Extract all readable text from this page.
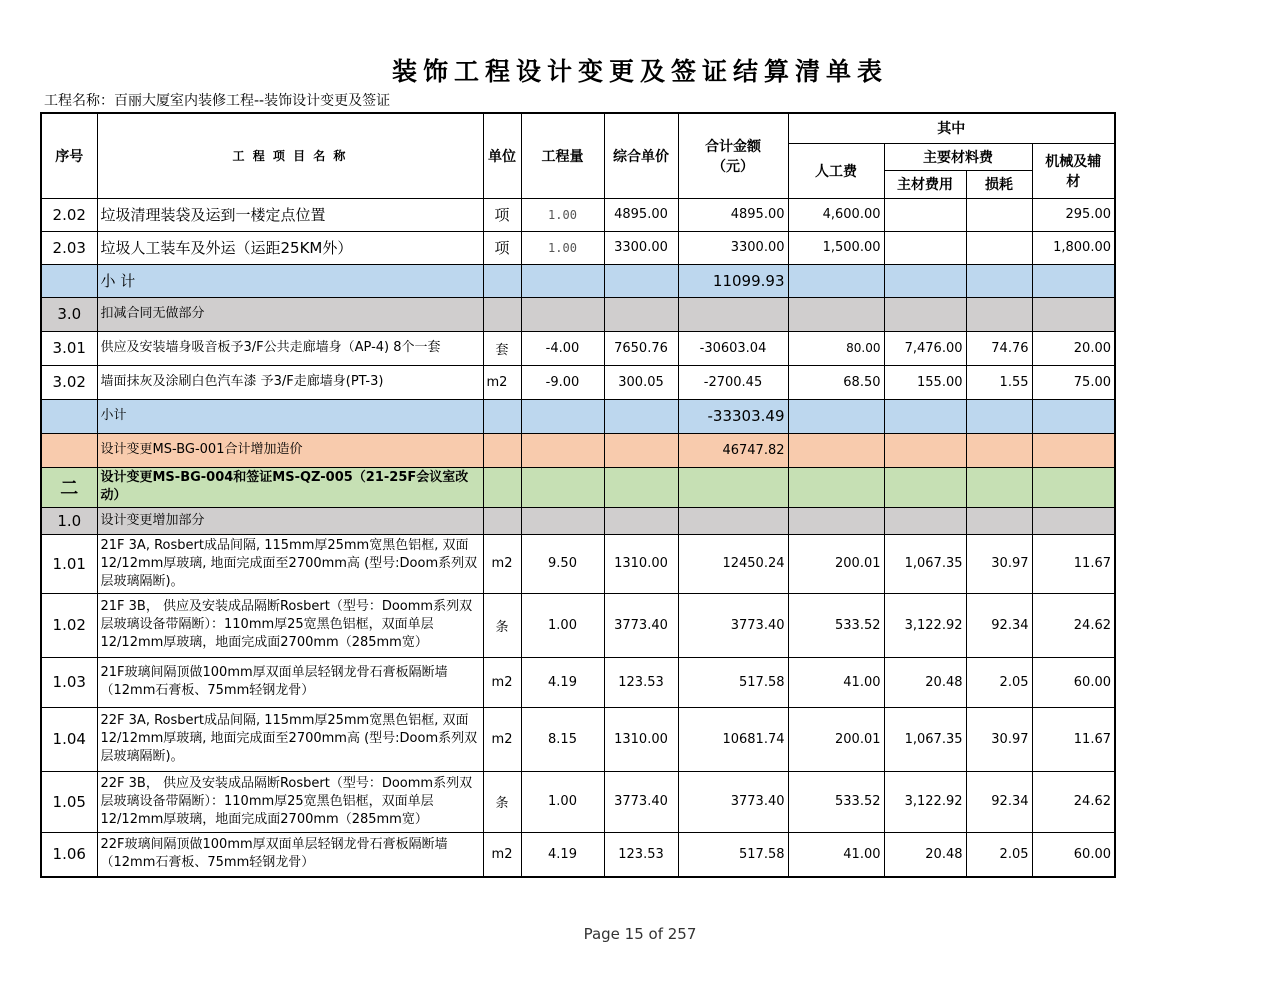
装饰工程设计变更及签证结算清单表
工程名称：百丽大厦室内装修工程--装饰设计变更及签证
序号	工 程 项 目 名 称	单位	工程量	综合单价	合计金额（元）	其中			
						人工费	主要材料费		机械及辅材
							主材费用	损耗	
2.02	垃圾清理装袋及运到一楼定点位置	项	1.00	4895.00	4895.00	4,600.00			295.00
2.03	垃圾人工装车及外运（运距25KM外）	项	1.00	3300.00	3300.00	1,500.00			1,800.00
	小 计				11099.93				
3.0	扣减合同无做部分								
3.01	供应及安装墙身吸音板予3/F公共走廊墙身（AP-4) 8个一套	套	-4.00	7650.76	-30603.04	80.00	7,476.00	74.76	20.00
3.02	墙面抹灰及涂刷白色汽车漆 予3/F走廊墙身(PT-3)	m2	-9.00	300.05	-2700.45	68.50	155.00	1.55	75.00
	小计				-33303.49				
	设计变更MS-BG-001合计增加造价				46747.82				
二	设计变更MS-BG-004和签证MS-QZ-005（21-25F会议室改动）								
1.0	设计变更增加部分								
1.01	21F 3A, Rosbert成品间隔, 115mm厚25mm宽黑色铝框, 双面12/12mm厚玻璃, 地面完成面至2700mm高 (型号:Doom系列双层玻璃隔断)。	m2	9.50	1310.00	12450.24	200.01	1,067.35	30.97	11.67
1.02	21F 3B， 供应及安装成品隔断Rosbert（型号：Doomm系列双层玻璃设备带隔断）：110mm厚25宽黑色铝框，双面单层12/12mm厚玻璃，地面完成面2700mm（285mm宽）	条	1.00	3773.40	3773.40	533.52	3,122.92	92.34	24.62
1.03	21F玻璃间隔顶做100mm厚双面单层轻钢龙骨石膏板隔断墙（12mm石膏板、75mm轻钢龙骨）	m2	4.19	123.53	517.58	41.00	20.48	2.05	60.00
1.04	22F 3A, Rosbert成品间隔, 115mm厚25mm宽黑色铝框, 双面12/12mm厚玻璃, 地面完成面至2700mm高 (型号:Doom系列双层玻璃隔断)。	m2	8.15	1310.00	10681.74	200.01	1,067.35	30.97	11.67
1.05	22F 3B， 供应及安装成品隔断Rosbert（型号：Doomm系列双层玻璃设备带隔断）：110mm厚25宽黑色铝框，双面单层12/12mm厚玻璃，地面完成面2700mm（285mm宽）	条	1.00	3773.40	3773.40	533.52	3,122.92	92.34	24.62
1.06	22F玻璃间隔顶做100mm厚双面单层轻钢龙骨石膏板隔断墙（12mm石膏板、75mm轻钢龙骨）	m2	4.19	123.53	517.58	41.00	20.48	2.05	60.00
Page 15 of 257
